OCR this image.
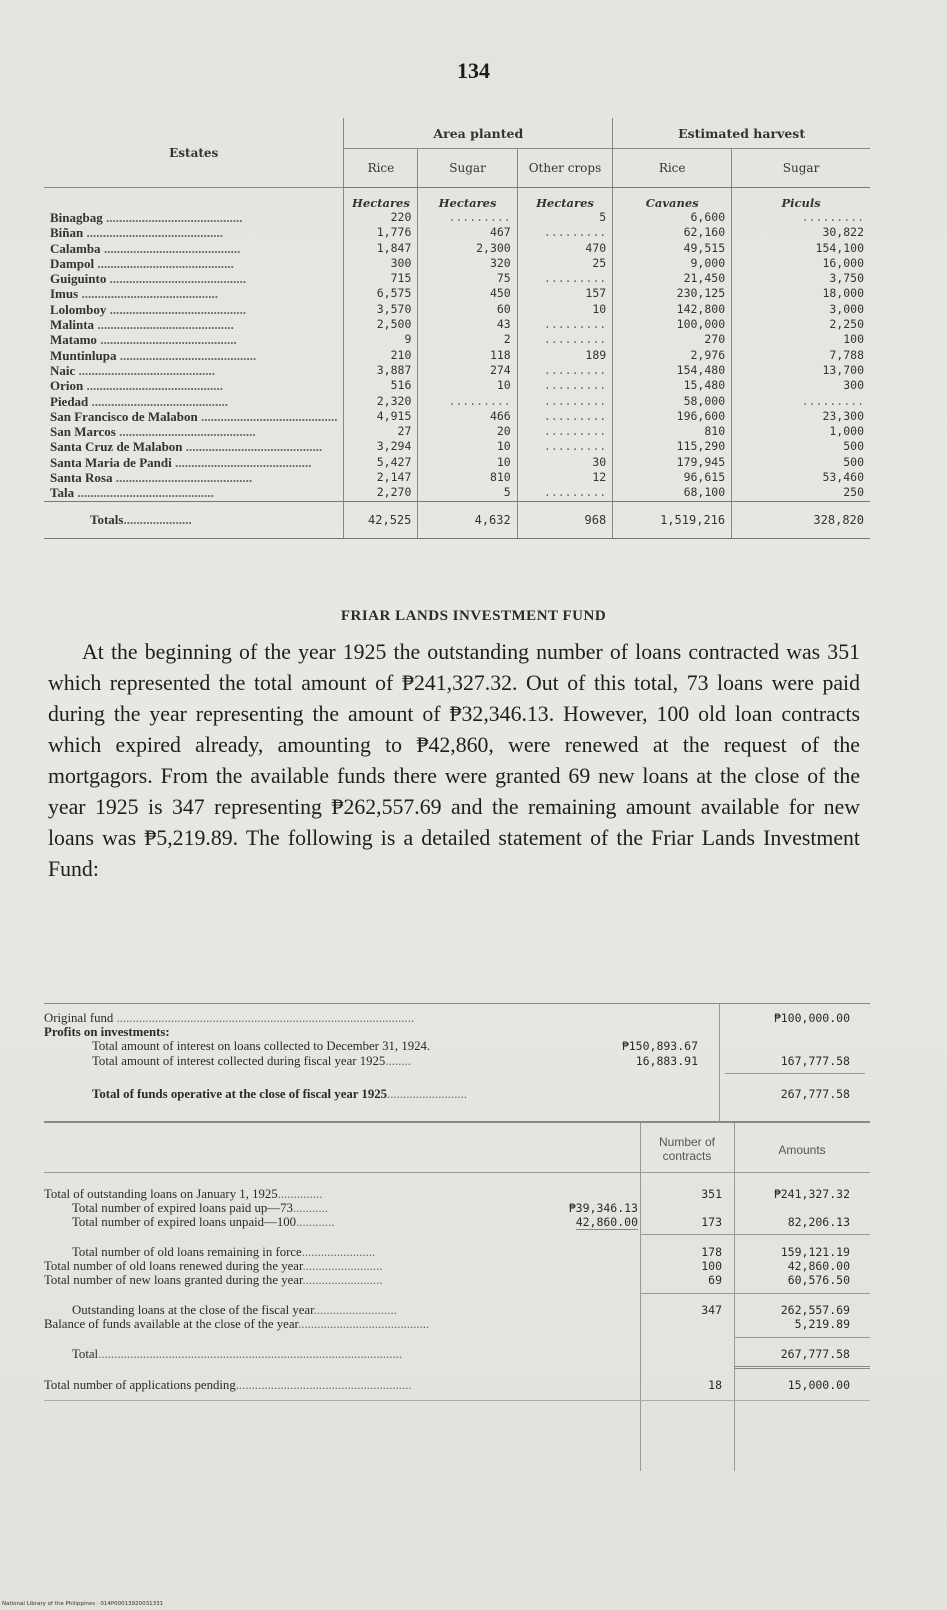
134
Estates	Area planted			Estimated harvest	
	Rice	Sugar	Other crops	Rice	Sugar
	Hectares	Hectares	Hectares	Cavanes	Piculs
Binagbag ..........................................	220	.........	5	6,600	.........
Biñan ..........................................	1,776	467	.........	62,160	30,822
Calamba ..........................................	1,847	2,300	470	49,515	154,100
Dampol ..........................................	300	320	25	9,000	16,000
Guiguinto ..........................................	715	75	.........	21,450	3,750
Imus ..........................................	6,575	450	157	230,125	18,000
Lolomboy ..........................................	3,570	60	10	142,800	3,000
Malinta ..........................................	2,500	43	.........	100,000	2,250
Matamo ..........................................	9	2	.........	270	100
Muntinlupa ..........................................	210	118	189	2,976	7,788
Naic ..........................................	3,887	274	.........	154,480	13,700
Orion ..........................................	516	10	.........	15,480	300
Piedad ..........................................	2,320	.........	.........	58,000	.........
San Francisco de Malabon ..........................................	4,915	466	.........	196,600	23,300
San Marcos ..........................................	27	20	.........	810	1,000
Santa Cruz de Malabon ..........................................	3,294	10	.........	115,290	500
Santa Maria de Pandi ..........................................	5,427	10	30	179,945	500
Santa Rosa ..........................................	2,147	810	12	96,615	53,460
Tala ..........................................	2,270	5	.........	68,100	250
Totals.....................	42,525	4,632	968	1,519,216	328,820
FRIAR LANDS INVESTMENT FUND

At the beginning of the year 1925 the outstanding number of loans contracted was 351 which represented the total amount of ₱241,327.32. Out of this total, 73 loans were paid during the year representing the amount of ₱32,346.13. However, 100 old loan contracts which expired already, amounting to ₱42,860, were renewed at the request of the mortgagors. From the available funds there were granted 69 new loans at the close of the year 1925 is 347 representing ₱262,557.69 and the remaining amount available for new loans was ₱5,219.89. The following is a detailed statement of the Friar Lands Investment Fund:

Original fund .............................................................................................	₱100,000.00
Profits on investments:
Total amount of interest on loans collected to December 31, 1924.	₱150,893.67
Total amount of interest collected during fiscal year 1925........	16,883.91	167,777.58
Total of funds operative at the close of fiscal year 1925.........................	267,777.58
Number of contracts	Amounts
Total of outstanding loans on January 1, 1925..............	351	₱241,327.32
Total number of expired loans paid up—73...........	₱39,346.13
Total number of expired loans unpaid—100............	42,860.00	173	82,206.13
Total number of old loans remaining in force.......................	178	159,121.19
Total number of old loans renewed during the year.........................	100	42,860.00
Total number of new loans granted during the year.........................	69	60,576.50
Outstanding loans at the close of the fiscal year..........................	347	262,557.69
Balance of funds available at the close of the year.........................................	5,219.89
Total...............................................................................................	267,777.58
Total number of applications pending.......................................................	18	15,000.00
National Library of the Philippines · 014P00013920031331
